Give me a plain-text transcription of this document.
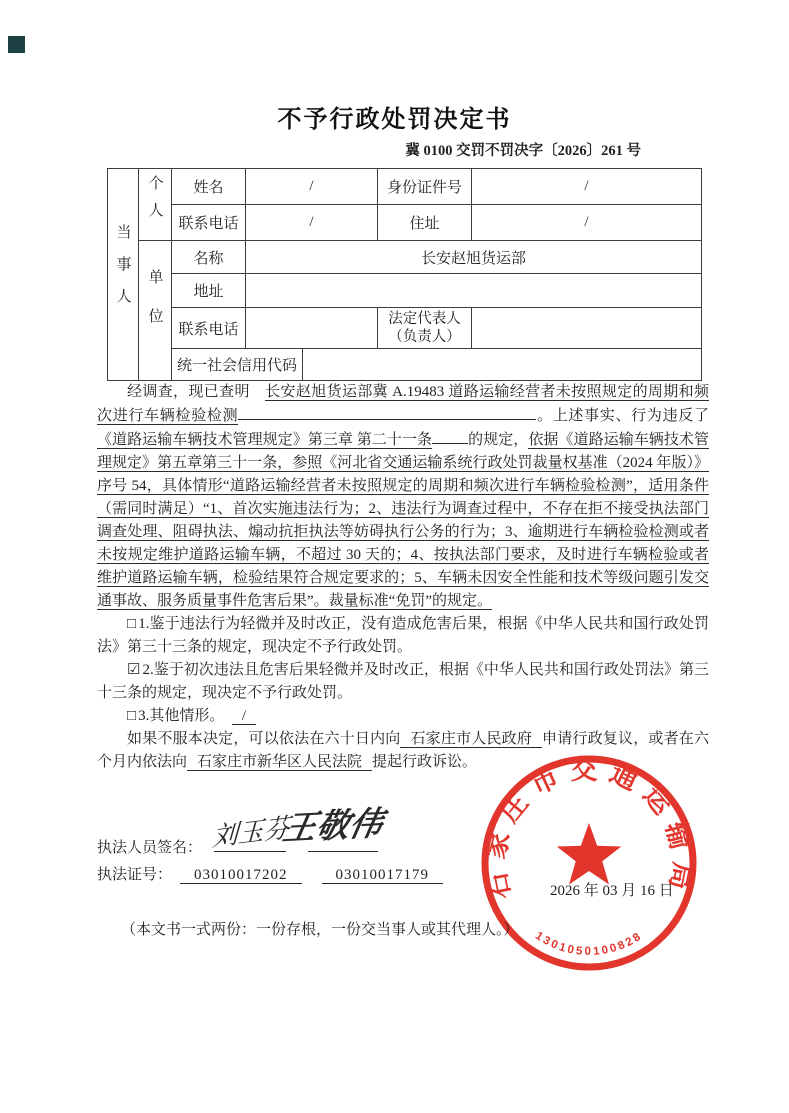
不予行政处罚决定书
冀 0100 交罚不罚决字〔2026〕261 号
当事人	个人	姓名	/		身份证件号	/
		联系电话	/		住址	/
	单位	名称	长安赵旭货运部			
		地址				
		联系电话			法定代表人
（负责人）	

		统一社会信用代码				

经调查，现已查明　 长安赵旭货运部冀 A.19483 道路运输经营者未按照规定的周期和频次进行车辆检验检测	。上述事实、行为违反了《道路运输车辆技术管理规定》第三章 第二十一条 的规定，依据《道路运输车辆技术管理规定》第五章第三十一条，参照《河北省交通运输系统行政处罚裁量权基准（2024 年版）》序号 54，具体情形“道路运输经营者未按照规定的周期和频次进行车辆检验检测”，适用条件（需同时满足）“1、首次实施违法行为；2、违法行为调查过程中，不存在拒不接受执法部门调查处理、阻碍执法、煽动抗拒执法等妨碍执行公务的行为；3、逾期进行车辆检验检测或者未按规定维护道路运输车辆，不超过 30 天的；4、按执法部门要求，及时进行车辆检验或者维护道路运输车辆，检验结果符合规定要求的；5、车辆未因安全性能和技术等级问题引发交通事故、服务质量事件危害后果”。裁量标准“免罚”的规定。

□ 1.鉴于违法行为轻微并及时改正，没有造成危害后果，根据《中华人民共和国行政处罚法》第三十三条的规定，现决定不予行政处罚。

☑ 2.鉴于初次违法且危害后果轻微并及时改正，根据《中华人民共和国行政处罚法》第三十三条的规定，现决定不予行政处罚。

□ 3.其他情形。　 /

如果不服本决定，可以依法在六十日内向 石家庄市人民政府 申请行政复议，或者在六个月内依法向 石家庄市新华区人民法院 提起行政诉讼。

执法人员签名：
执法证号： 03010017202	03010017179
刘玉芬
王敬伟
2026 年 03 月 16 日
石家庄市交通运输局
1301050100828
（本文书一式两份：一份存根，一份交当事人或其代理人。）
